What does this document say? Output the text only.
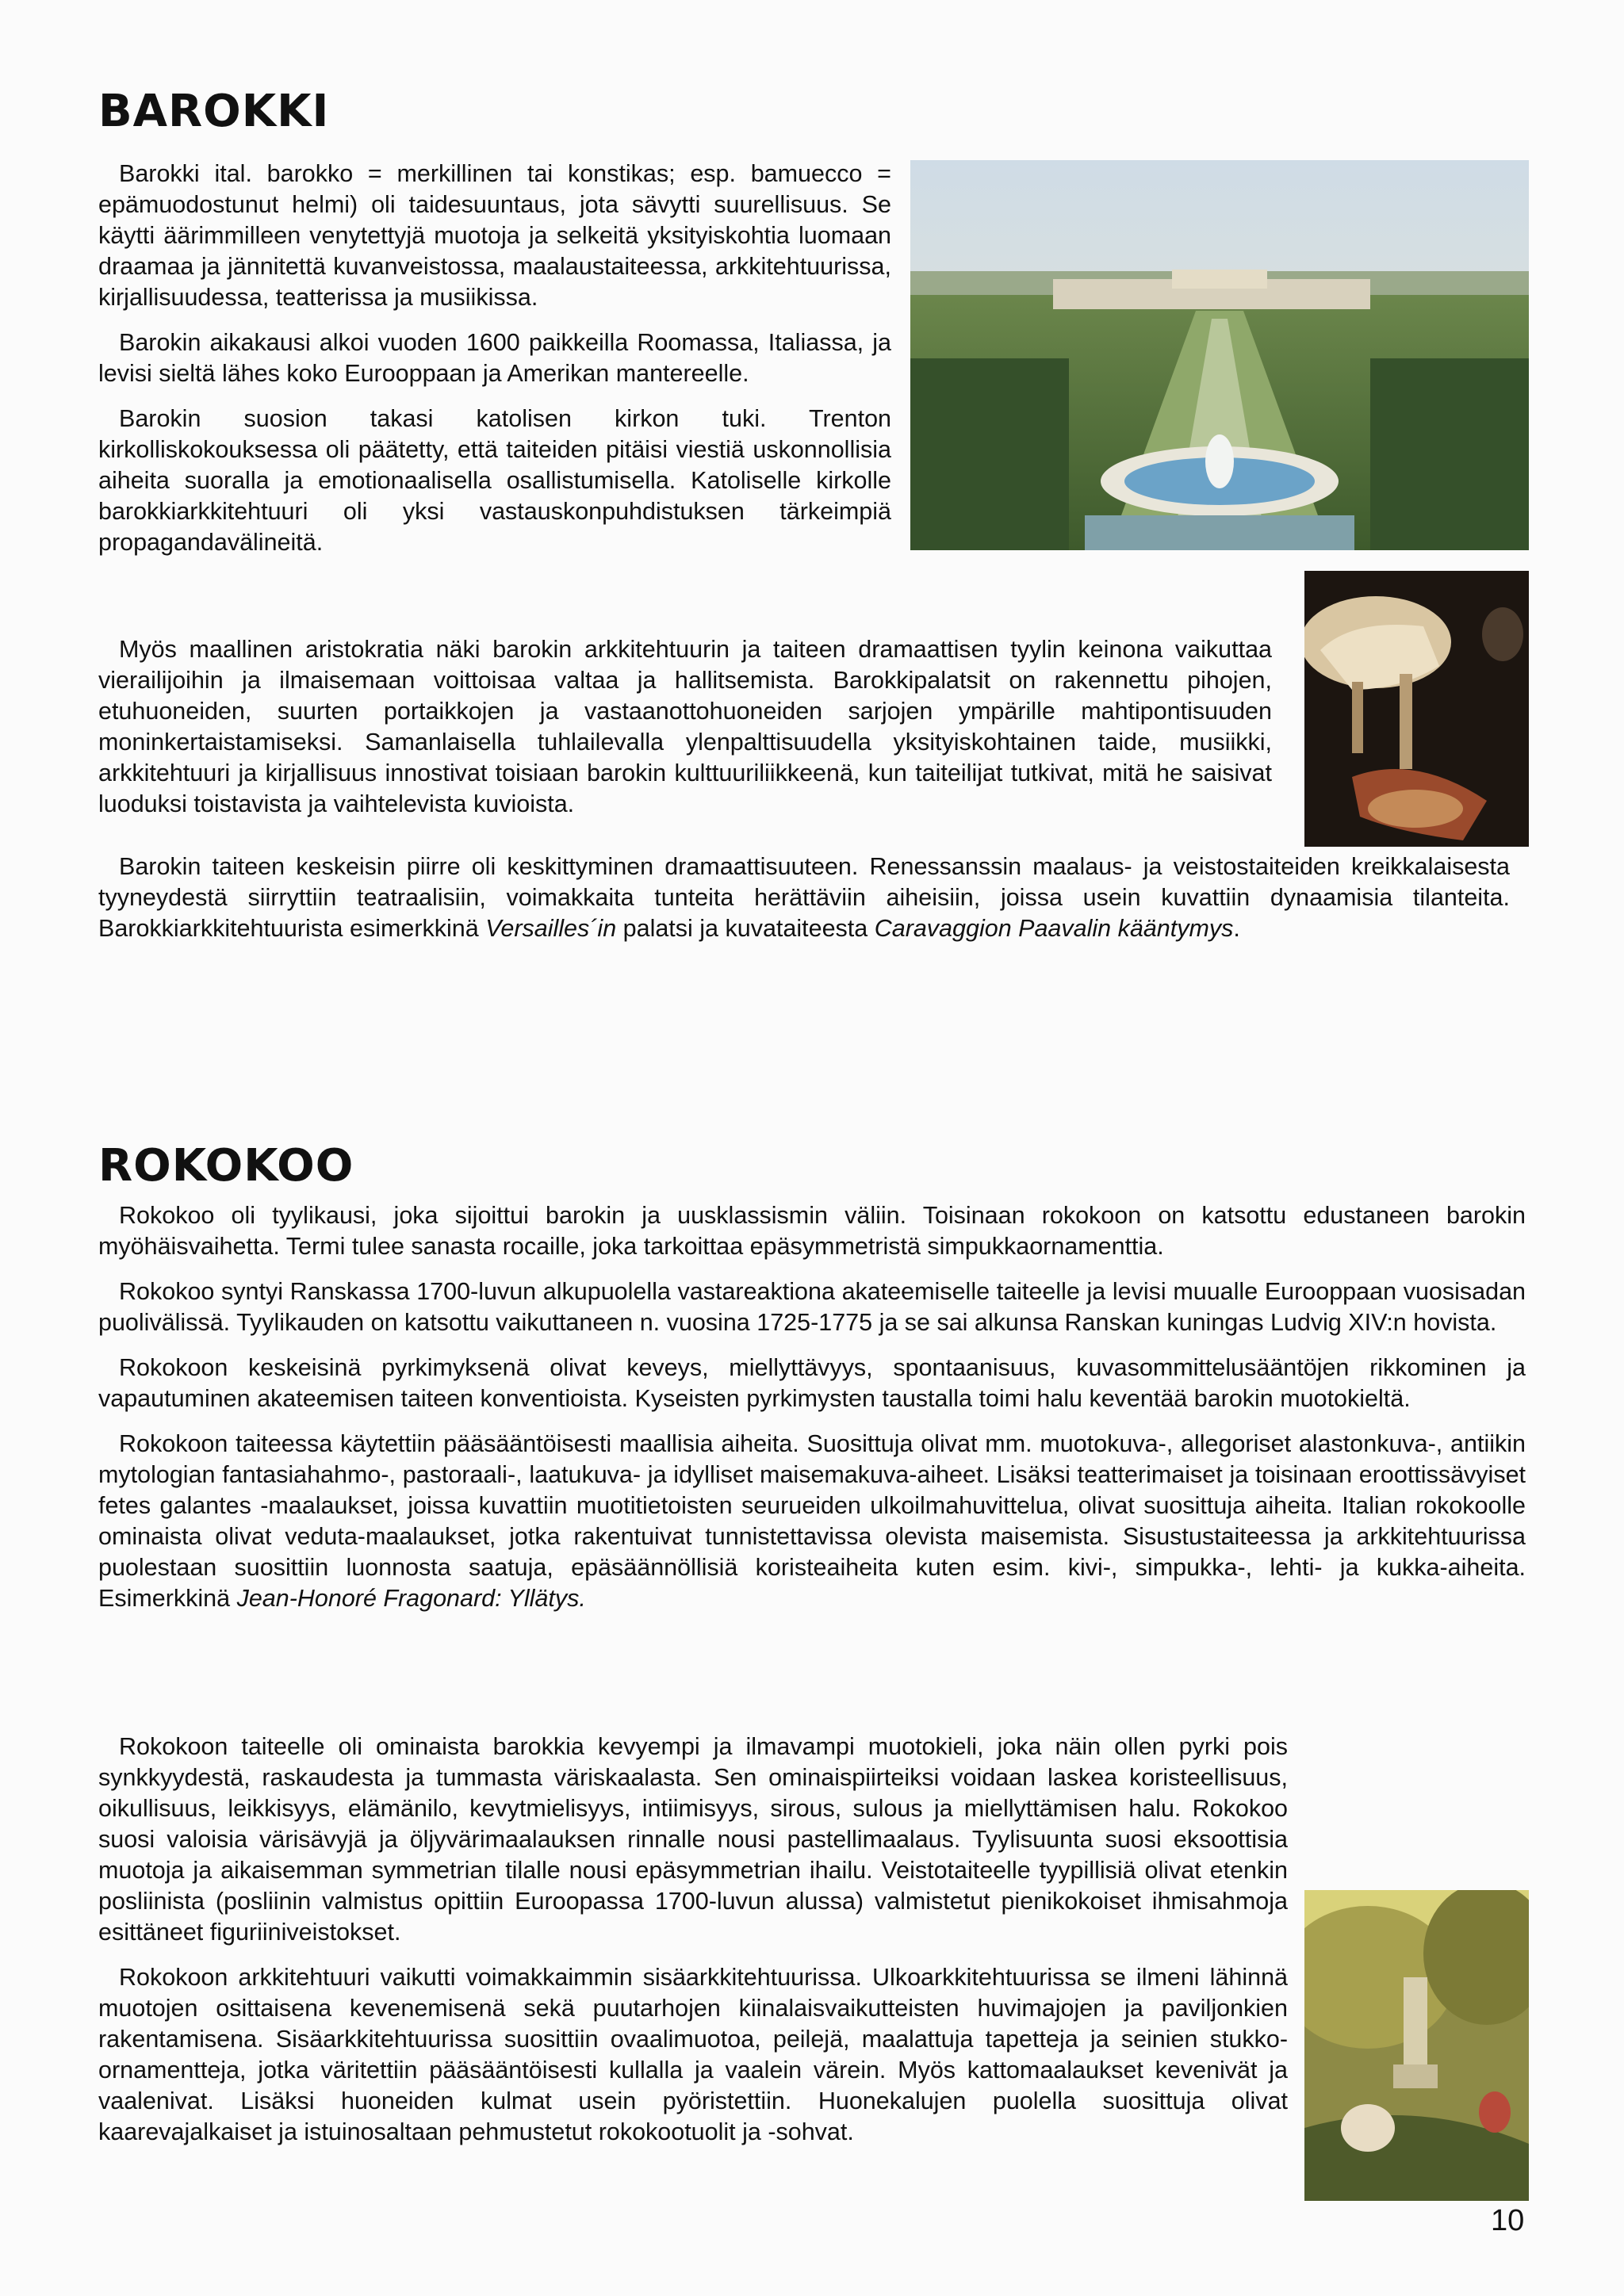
BAROKKI

Barokki ital. barokko = merkillinen tai konstikas; esp. bamuecco = epämuodostunut helmi) oli taidesuuntaus, jota sävytti suurellisuus. Se käytti äärimmilleen venytettyjä muotoja ja selkeitä yksityiskohtia luomaan draamaa ja jännitettä kuvanveistossa, maalaustaiteessa, arkkitehtuurissa, kirjallisuudessa, teatterissa ja musiikissa.

Barokin aikakausi alkoi vuoden 1600 paikkeilla Roomassa, Italiassa, ja levisi sieltä lähes koko Eurooppaan ja Amerikan mantereelle.

Barokin suosion takasi katolisen kirkon tuki. Trenton kirkolliskokouksessa oli päätetty, että taiteiden pitäisi viestiä uskonnollisia aiheita suoralla ja emotionaalisella osallistumisella. Katoliselle kirkolle barokkiarkkitehtuuri oli yksi vastauskonpuhdistuksen tärkeimpiä propagandavälineitä.

Myös maallinen aristokratia näki barokin arkkitehtuurin ja taiteen dramaattisen tyylin keinona vaikuttaa vierailijoihin ja ilmaisemaan voittoisaa valtaa ja hallitsemista. Barokkipalatsit on rakennettu pihojen, etuhuoneiden, suurten portaikkojen ja vastaanottohuoneiden sarjojen ympärille mahtipontisuuden moninkertaistamiseksi. Samanlaisella tuhlailevalla ylenpalttisuudella yksityiskohtainen taide, musiikki, arkkitehtuuri ja kirjallisuus innostivat toisiaan barokin kulttuuriliikkeenä, kun taiteilijat tutkivat, mitä he saisivat luoduksi toistavista ja vaihtelevista kuvioista.

Barokin taiteen keskeisin piirre oli keskittyminen dramaattisuuteen. Renessanssin maalaus- ja veistostaiteiden kreikkalaisesta tyyneydestä siirryttiin teatraalisiin, voimakkaita tunteita herättäviin aiheisiin, joissa usein kuvattiin dynaamisia tilanteita. Barokkiarkkitehtuurista esimerkkinä Versailles´in palatsi ja kuvataiteesta Caravaggion Paavalin kääntymys.

ROKOKOO

Rokokoo oli tyylikausi, joka sijoittui barokin ja uusklassismin väliin. Toisinaan rokokoon on katsottu edustaneen barokin myöhäisvaihetta. Termi tulee sanasta rocaille, joka tarkoittaa epäsymmetristä simpukkaornamenttia.

Rokokoo syntyi Ranskassa 1700-luvun alkupuolella vastareaktiona akateemiselle taiteelle ja levisi muualle Eurooppaan vuosisadan puolivälissä. Tyylikauden on katsottu vaikuttaneen n. vuosina 1725-1775 ja se sai alkunsa Ranskan kuningas Ludvig XIV:n hovista.

Rokokoon keskeisinä pyrkimyksenä olivat keveys, miellyttävyys, spontaanisuus, kuvasommittelusääntöjen rikkominen ja vapautuminen akateemisen taiteen konventioista. Kyseisten pyrkimysten taustalla toimi halu keventää barokin muotokieltä.

Rokokoon taiteessa käytettiin pääsääntöisesti maallisia aiheita. Suosittuja olivat mm. muotokuva-, allegoriset alastonkuva-, antiikin mytologian fantasiahahmo-, pastoraali-, laatukuva- ja idylliset maisemakuva-aiheet. Lisäksi teatterimaiset ja toisinaan eroottissävyiset fetes galantes -maalaukset, joissa kuvattiin muotitietoisten seurueiden ulkoilmahuvittelua, olivat suosittuja aiheita. Italian rokokoolle ominaista olivat veduta-maalaukset, jotka rakentuivat tunnistettavissa olevista maisemista. Sisustustaiteessa ja arkkitehtuurissa puolestaan suosittiin luonnosta saatuja, epäsäännöllisiä koristeaiheita kuten esim. kivi-, simpukka-, lehti- ja kukka-aiheita. Esimerkkinä Jean-Honoré Fragonard: Yllätys.

Rokokoon taiteelle oli ominaista barokkia kevyempi ja ilmavampi muotokieli, joka näin ollen pyrki pois synkkyydestä, raskaudesta ja tummasta väriskaalasta. Sen ominaispiirteiksi voidaan laskea koristeellisuus, oikullisuus, leikkisyys, elämänilo, kevytmielisyys, intiimisyys, sirous, sulous ja miellyttämisen halu. Rokokoo suosi valoisia värisävyjä ja öljyvärimaalauksen rinnalle nousi pastellimaalaus. Tyylisuunta suosi eksoottisia muotoja ja aikaisemman symmetrian tilalle nousi epäsymmetrian ihailu. Veistotaiteelle tyypillisiä olivat etenkin posliinista (posliinin valmistus opittiin Euroopassa 1700-luvun alussa) valmistetut pienikokoiset ihmisahmoja esittäneet figuriiniveistokset.

Rokokoon arkkitehtuuri vaikutti voimakkaimmin sisäarkkitehtuurissa. Ulkoarkkitehtuurissa se ilmeni lähinnä muotojen osittaisena kevenemisenä sekä puutarhojen kiinalaisvaikutteisten huvimajojen ja paviljonkien rakentamisena. Sisäarkkitehtuurissa suosittiin ovaalimuotoa, peilejä, maalattuja tapetteja ja seinien stukko-ornamentteja, jotka väritettiin pääsääntöisesti kullalla ja vaalein värein. Myös kattomaalaukset kevenivät ja vaalenivat. Lisäksi huoneiden kulmat usein pyöristettiin. Huonekalujen puolella suosittuja olivat kaarevajalkaiset ja istuinosaltaan pehmustetut rokokootuolit ja -sohvat.

10
